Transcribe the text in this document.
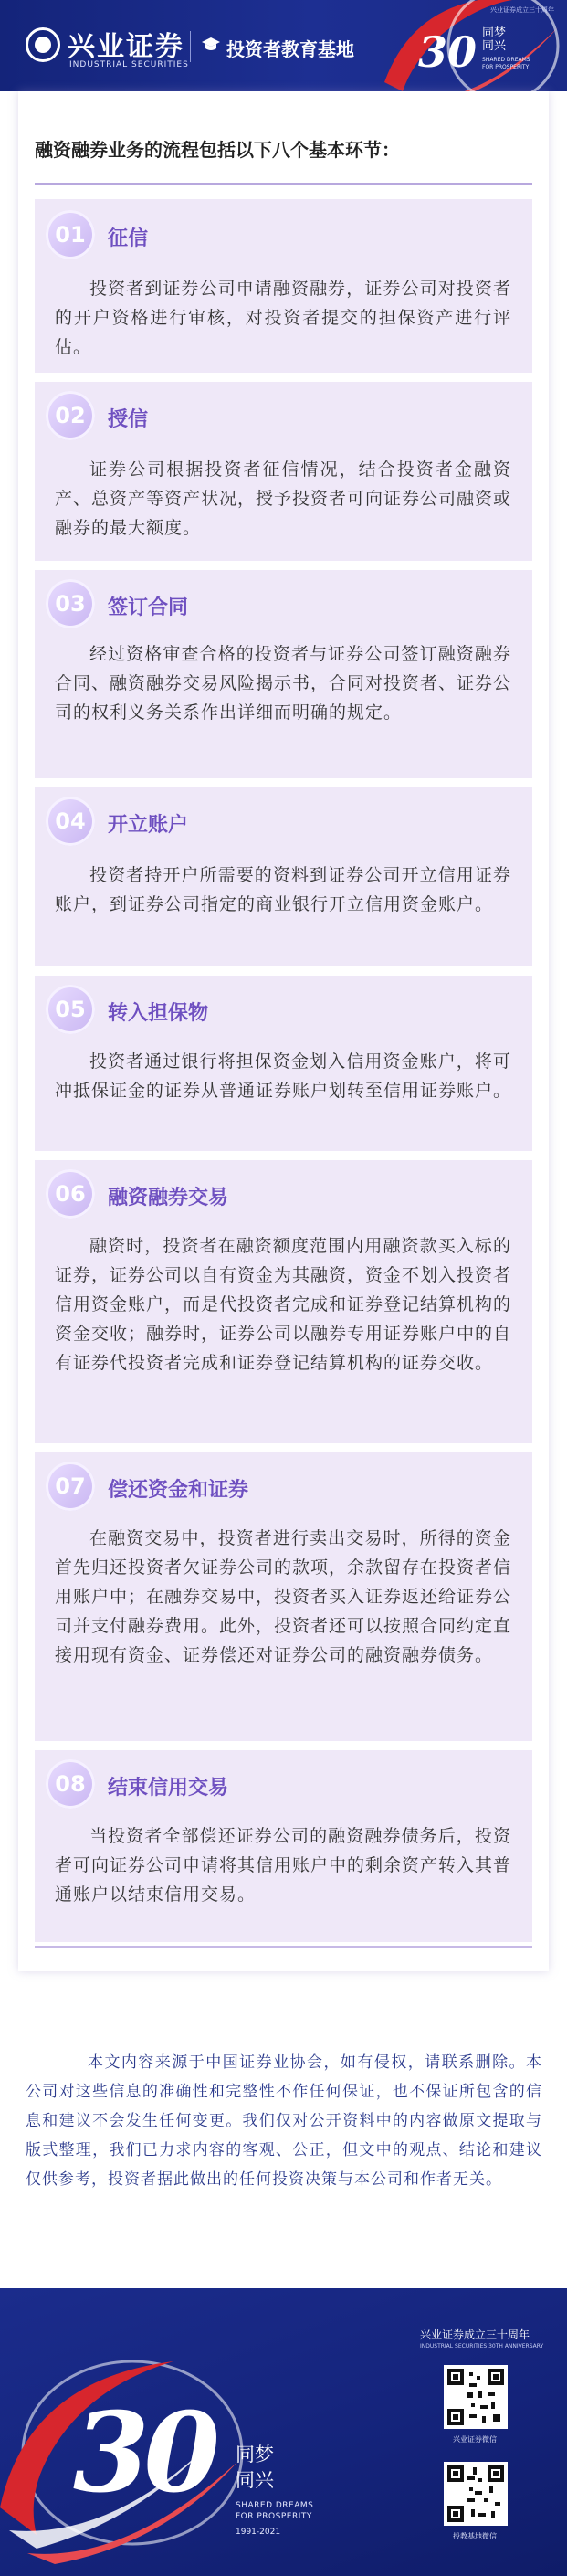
兴业证券
INDUSTRIAL SECURITIES
投资者教育基地
兴业证券成立三十周年
30 同梦
同兴
SHARED DREAMS
FOR PROSPERITY
融资融券业务的流程包括以下八个基本环节：
01	征信
投资者到证券公司申请融资融券，证券公司对投资者的开户资格进行审核，对投资者提交的担保资产进行评估。
02	授信
证券公司根据投资者征信情况，结合投资者金融资产、总资产等资产状况，授予投资者可向证券公司融资或融券的最大额度。
03	签订合同
经过资格审查合格的投资者与证券公司签订融资融券合同、融资融券交易风险揭示书，合同对投资者、证券公司的权利义务关系作出详细而明确的规定。
04	开立账户
投资者持开户所需要的资料到证券公司开立信用证券账户，到证券公司指定的商业银行开立信用资金账户。
05	转入担保物
投资者通过银行将担保资金划入信用资金账户，将可冲抵保证金的证券从普通证券账户划转至信用证券账户。
06	融资融券交易
融资时，投资者在融资额度范围内用融资款买入标的证券，证券公司以自有资金为其融资，资金不划入投资者信用资金账户，而是代投资者完成和证券登记结算机构的资金交收；融券时，证券公司以融券专用证券账户中的自有证券代投资者完成和证券登记结算机构的证券交收。
07	偿还资金和证券
在融资交易中，投资者进行卖出交易时，所得的资金首先归还投资者欠证券公司的款项，余款留存在投资者信用账户中；在融券交易中，投资者买入证券返还给证券公司并支付融券费用。此外，投资者还可以按照合同约定直接用现有资金、证券偿还对证券公司的融资融券债务。
08	结束信用交易
当投资者全部偿还证券公司的融资融券债务后，投资者可向证券公司申请将其信用账户中的剩余资产转入其普通账户以结束信用交易。
本文内容来源于中国证券业协会，如有侵权，请联系删除。本公司对这些信息的准确性和完整性不作任何保证，也不保证所包含的信息和建议不会发生任何变更。我们仅对公开资料中的内容做原文提取与版式整理，我们已力求内容的客观、公正，但文中的观点、结论和建议仅供参考，投资者据此做出的任何投资决策与本公司和作者无关。
30 同梦
同兴
SHARED DREAMS
FOR PROSPERITY
1991-2021
兴业证券成立三十周年
INDUSTRIAL SECURITIES 30TH ANNIVERSARY
兴业证券微信
投教基地微信
